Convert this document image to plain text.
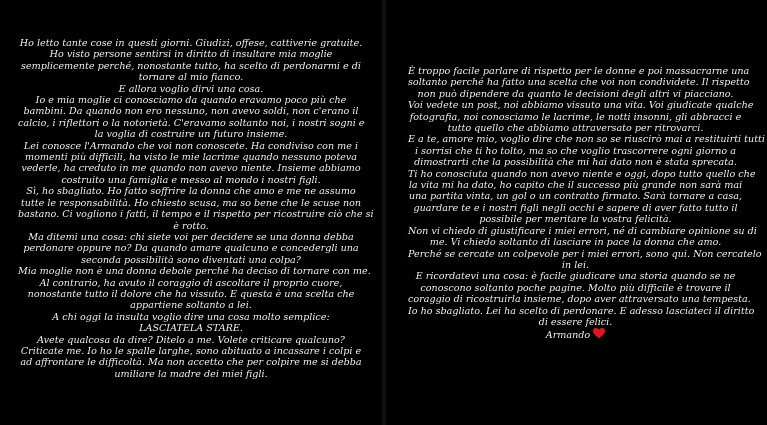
Ho letto tante cose in questi giorni. Giudizi, offese, cattiverie gratuite.
Ho visto persone sentirsi in diritto di insultare mia moglie
semplicemente perché, nonostante tutto, ha scelto di perdonarmi e di
tornare al mio fianco.
E allora voglio dirvi una cosa.
Io e mia moglie ci conosciamo da quando eravamo poco più che
bambini. Da quando non ero nessuno, non avevo soldi, non c'erano il
calcio, i riflettori o la notorietà. C'eravamo soltanto noi, i nostri sogni e
la voglia di costruire un futuro insieme.
Lei conosce l'Armando che voi non conoscete. Ha condiviso con me i
momenti più difficili, ha visto le mie lacrime quando nessuno poteva
vederle, ha creduto in me quando non avevo niente. Insieme abbiamo
costruito una famiglia e messo al mondo i nostri figli.
Sì, ho sbagliato. Ho fatto soffrire la donna che amo e me ne assumo
tutte le responsabilità. Ho chiesto scusa, ma so bene che le scuse non
bastano. Ci vogliono i fatti, il tempo e il rispetto per ricostruire ciò che si
è rotto.
Ma ditemi una cosa: chi siete voi per decidere se una donna debba
perdonare oppure no? Da quando amare qualcuno e concedergli una
seconda possibilità sono diventati una colpa?
Mia moglie non è una donna debole perché ha deciso di tornare con me.
Al contrario, ha avuto il coraggio di ascoltare il proprio cuore,
nonostante tutto il dolore che ha vissuto. E questa è una scelta che
appartiene soltanto a lei.
A chi oggi la insulta voglio dire una cosa molto semplice:
LASCIATELA STARE.
Avete qualcosa da dire? Ditelo a me. Volete criticare qualcuno?
Criticate me. Io ho le spalle larghe, sono abituato a incassare i colpi e
ad affrontare le difficoltà. Ma non accetto che per colpire me si debba
umiliare la madre dei miei figli.
È troppo facile parlare di rispetto per le donne e poi massacrarne una
soltanto perché ha fatto una scelta che voi non condividete. Il rispetto
non può dipendere da quanto le decisioni degli altri vi piacciano.
Voi vedete un post, noi abbiamo vissuto una vita. Voi giudicate qualche
fotografia, noi conosciamo le lacrime, le notti insonni, gli abbracci e
tutto quello che abbiamo attraversato per ritrovarci.
E a te, amore mio, voglio dire che non so se riuscirò mai a restituirti tutti
i sorrisi che ti ho tolto, ma so che voglio trascorrere ogni giorno a
dimostrarti che la possibilità che mi hai dato non è stata sprecata.
Ti ho conosciuta quando non avevo niente e oggi, dopo tutto quello che
la vita mi ha dato, ho capito che il successo più grande non sarà mai
una partita vinta, un gol o un contratto firmato. Sarà tornare a casa,
guardare te e i nostri figli negli occhi e sapere di aver fatto tutto il
possibile per meritare la vostra felicità.
Non vi chiedo di giustificare i miei errori, né di cambiare opinione su di
me. Vi chiedo soltanto di lasciare in pace la donna che amo.
Perché se cercate un colpevole per i miei errori, sono qui. Non cercatelo
in lei.
E ricordatevi una cosa: è facile giudicare una storia quando se ne
conoscono soltanto poche pagine. Molto più difficile è trovare il
coraggio di ricostruirla insieme, dopo aver attraversato una tempesta.
Io ho sbagliato. Lei ha scelto di perdonare. E adesso lasciateci il diritto
di essere felici.
Armando
